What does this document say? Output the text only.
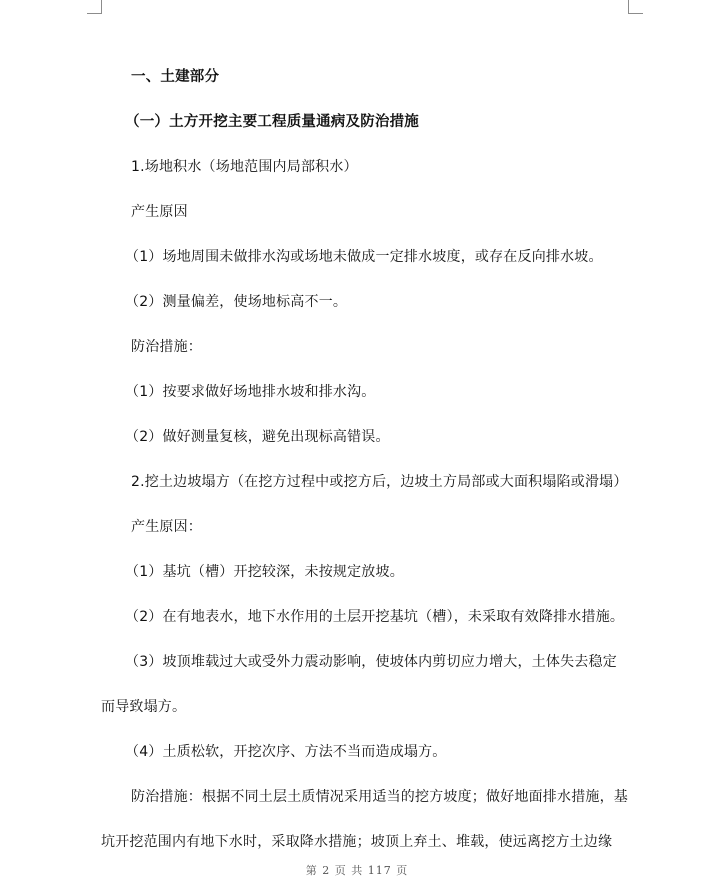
一、土建部分
（一）土方开挖主要工程质量通病及防治措施
1.场地积水（场地范围内局部积水）
产生原因
（1）场地周围未做排水沟或场地未做成一定排水坡度，或存在反向排水坡。
（2）测量偏差，使场地标高不一。
防治措施：
（1）按要求做好场地排水坡和排水沟。
（2）做好测量复核，避免出现标高错误。
2.挖土边坡塌方（在挖方过程中或挖方后，边坡土方局部或大面积塌陷或滑塌）
产生原因：
（1）基坑（槽）开挖较深，未按规定放坡。
（2）在有地表水，地下水作用的土层开挖基坑（槽），未采取有效降排水措施。
（3）坡顶堆载过大或受外力震动影响，使坡体内剪切应力增大，土体失去稳定
而导致塌方。
（4）土质松软，开挖次序、方法不当而造成塌方。
防治措施：根据不同土层土质情况采用适当的挖方坡度；做好地面排水措施，基
坑开挖范围内有地下水时，采取降水措施；坡顶上弃土、堆载，使远离挖方土边缘
第 2 页 共 117 页
